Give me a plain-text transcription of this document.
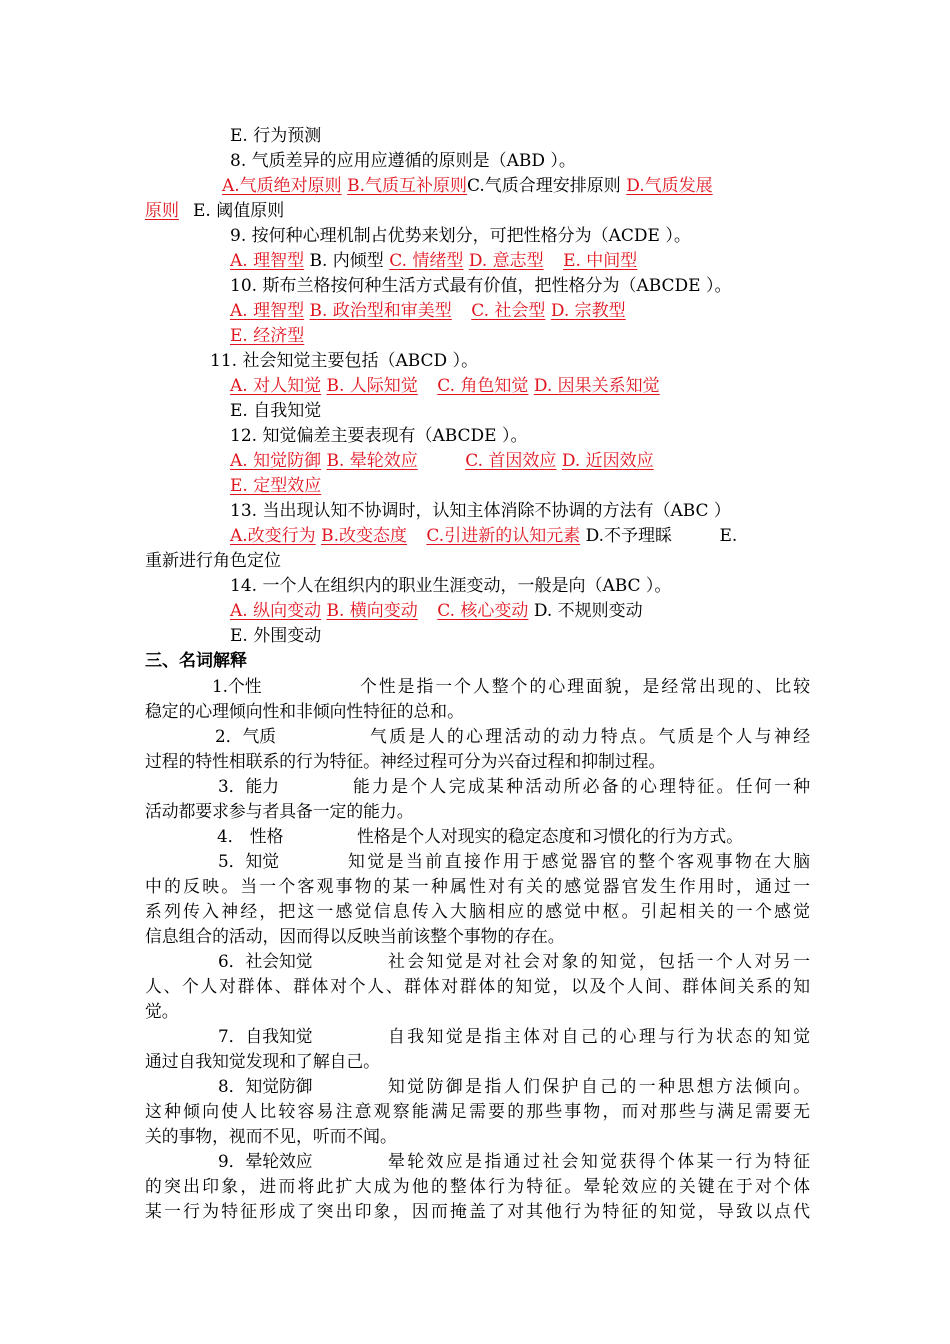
E. 行为预测
8. 气质差异的应用应遵循的原则是（ABD ）。
A.气质绝对原则 B.气质互补原则C.气质合理安排原则 D.气质发展
原则 E. 阈值原则
9. 按何种心理机制占优势来划分，可把性格分为（ACDE ）。
A. 理智型 B. 内倾型 C. 情绪型 D. 意志型 E. 中间型
10. 斯布兰格按何种生活方式最有价值，把性格分为（ABCDE ）。
A. 理智型 B. 政治型和审美型 C. 社会型 D. 宗教型
E. 经济型
11. 社会知觉主要包括（ABCD ）。
A. 对人知觉 B. 人际知觉 C. 角色知觉 D. 因果关系知觉
E. 自我知觉
12. 知觉偏差主要表现有（ABCDE ）。
A. 知觉防御 B. 晕轮效应	C. 首因效应 D. 近因效应
E. 定型效应
13. 当出现认知不协调时，认知主体消除不协调的方法有（ABC ）
A.改变行为 B.改变态度 C.引进新的认知元素 D.不予理睬	E.
重新进行角色定位
14. 一个人在组织内的职业生涯变动，一般是向（ABC ）。
A. 纵向变动 B. 横向变动 C. 核心变动 D. 不规则变动
E. 外围变动
三、名词解释
1.个性	个性是指一个人整个的心理面貌，是经常出现的、比较
稳定的心理倾向性和非倾向性特征的总和。
2．气质	气质是人的心理活动的动力特点。气质是个人与神经
过程的特性相联系的行为特征。神经过程可分为兴奋过程和抑制过程。
3．能力	能力是个人完成某种活动所必备的心理特征。任何一种
活动都要求参与者具备一定的能力。
4． 性格	性格是个人对现实的稳定态度和习惯化的行为方式。
5．知觉	知觉是当前直接作用于感觉器官的整个客观事物在大脑
中的反映。当一个客观事物的某一种属性对有关的感觉器官发生作用时，通过一
系列传入神经，把这一感觉信息传入大脑相应的感觉中枢。引起相关的一个感觉
信息组合的活动，因而得以反映当前该整个事物的存在。
6．社会知觉	社会知觉是对社会对象的知觉，包括一个人对另一
人、个人对群体、群体对个人、群体对群体的知觉，以及个人间、群体间关系的知
觉。
7．自我知觉	自我知觉是指主体对自己的心理与行为状态的知觉
通过自我知觉发现和了解自己。
8．知觉防御	知觉防御是指人们保护自己的一种思想方法倾向。
这种倾向使人比较容易注意观察能满足需要的那些事物，而对那些与满足需要无
关的事物，视而不见，听而不闻。
9．晕轮效应	晕轮效应是指通过社会知觉获得个体某一行为特征
的突出印象，进而将此扩大成为他的整体行为特征。晕轮效应的关键在于对个体
某一行为特征形成了突出印象，因而掩盖了对其他行为特征的知觉，导致以点代
